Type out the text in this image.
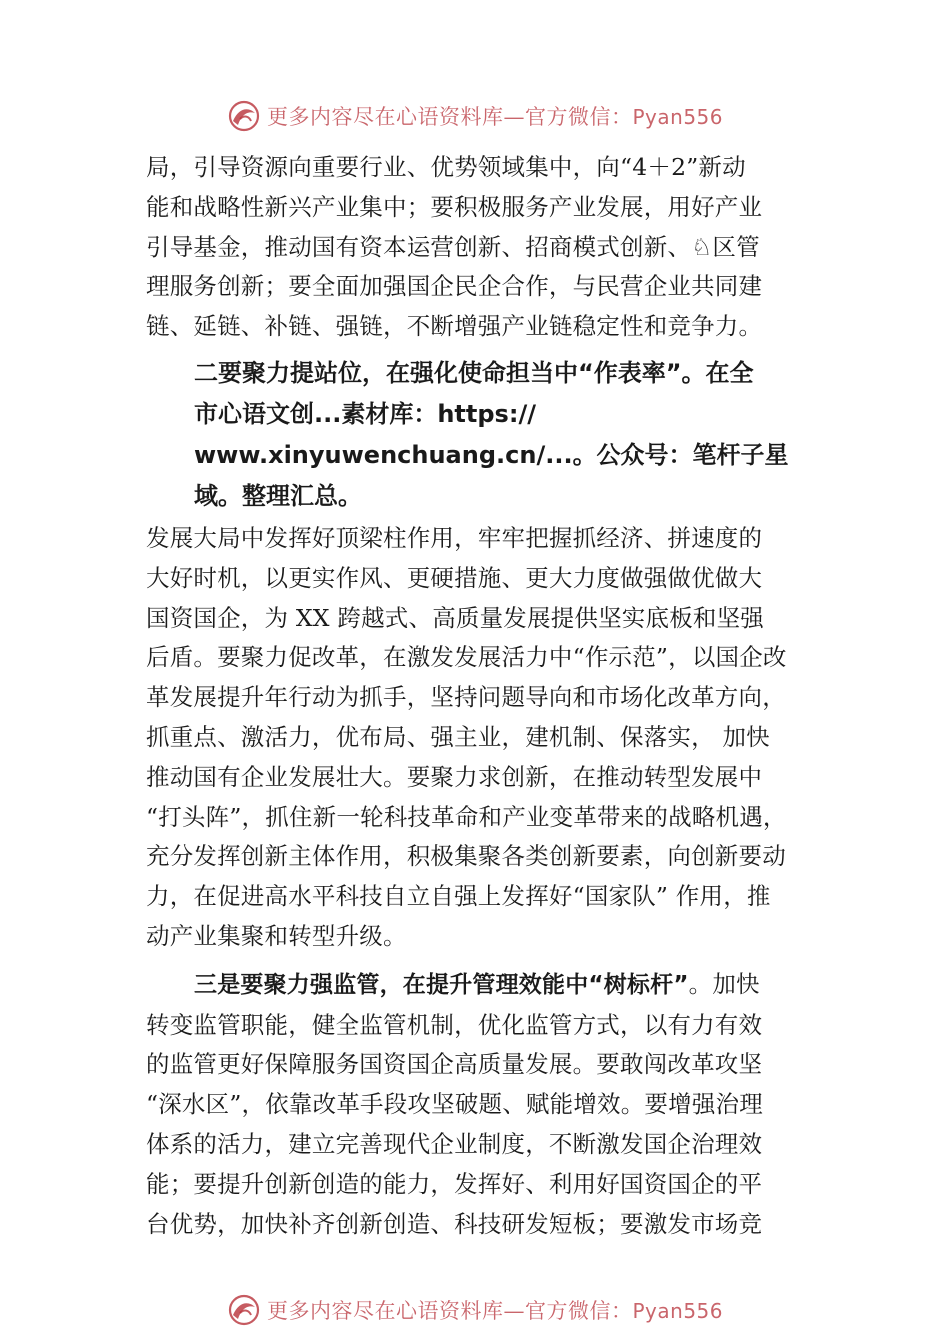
更多内容尽在心语资料库—官方微信：Pyan556

局，引导资源向重要行业、优势领域集中，向“4＋2”新动
能和战略性新兴产业集中；要积极服务产业发展，用好产业
引导基金，推动国有资本运营创新、招商模式创新、♘区管
理服务创新；要全面加强国企民企合作，与民营企业共同建
链、延链、补链、强链，不断增强产业链稳定性和竞争力。

二要聚力提站位，在强化使命担当中“作表率”。在全
市心语文创...素材库：https://
www.xinyuwenchuang.cn/...。公众号：笔杆子星
域。整理汇总。

发展大局中发挥好顶梁柱作用，牢牢把握抓经济、拼速度的
大好时机，以更实作风、更硬措施、更大力度做强做优做大
国资国企，为 XX 跨越式、高质量发展提供坚实底板和坚强
后盾。要聚力促改革，在激发发展活力中“作示范”，以国企改
革发展提升年行动为抓手，坚持问题导向和市场化改革方向，
抓重点、激活力，优布局、强主业，建机制、保落实， 加快
推动国有企业发展壮大。要聚力求创新，在推动转型发展中
“打头阵”，抓住新一轮科技革命和产业变革带来的战略机遇，
充分发挥创新主体作用，积极集聚各类创新要素，向创新要动
力，在促进高水平科技自立自强上发挥好“国家队” 作用，推
动产业集聚和转型升级。

三是要聚力强监管，在提升管理效能中“树标杆”。加快
转变监管职能，健全监管机制，优化监管方式，以有力有效
的监管更好保障服务国资国企高质量发展。要敢闯改革攻坚
“深水区”，依靠改革手段攻坚破题、赋能增效。要增强治理
体系的活力，建立完善现代企业制度，不断激发国企治理效
能；要提升创新创造的能力，发挥好、利用好国资国企的平
台优势，加快补齐创新创造、科技研发短板；要激发市场竞

更多内容尽在心语资料库—官方微信：Pyan556
